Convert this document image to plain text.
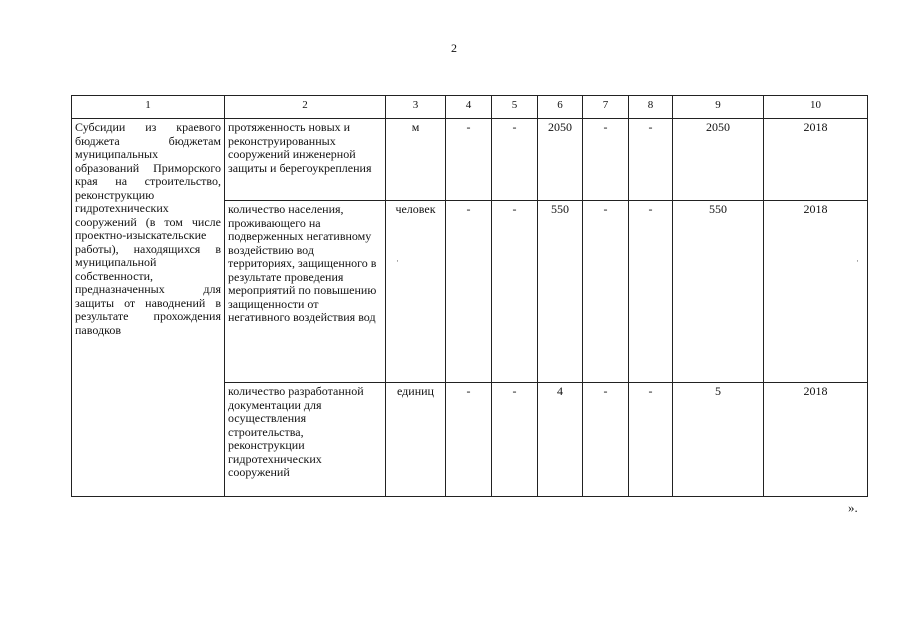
2
1	2	3	4	5	6	7	8	9	10
Субсидии из краевого бюджета бюджетам муниципальных образований Приморского края на строительство, реконструкцию гидротехнических сооружений (в том числе проектно-изыскательские работы), находящихся в муниципальной собственности, предназначенных для защиты от наводнений в результате прохождения паводков	протяженность новых и реконструированных сооружений инженерной защиты и берегоукрепления	м	-	-	2050	-	-	2050	2018
	количество населения, проживающего на подверженных негативному воздействию вод территориях, защищенного в результате проведения мероприятий по повышению защищенности от негативного воздействия вод	человек	-	-	550	-	-	550	2018
	количество разработанной документации для осуществления строительства, реконструкции гидротехнических сооружений	единиц	-	-	4	-	-	5	2018
·	·
».
